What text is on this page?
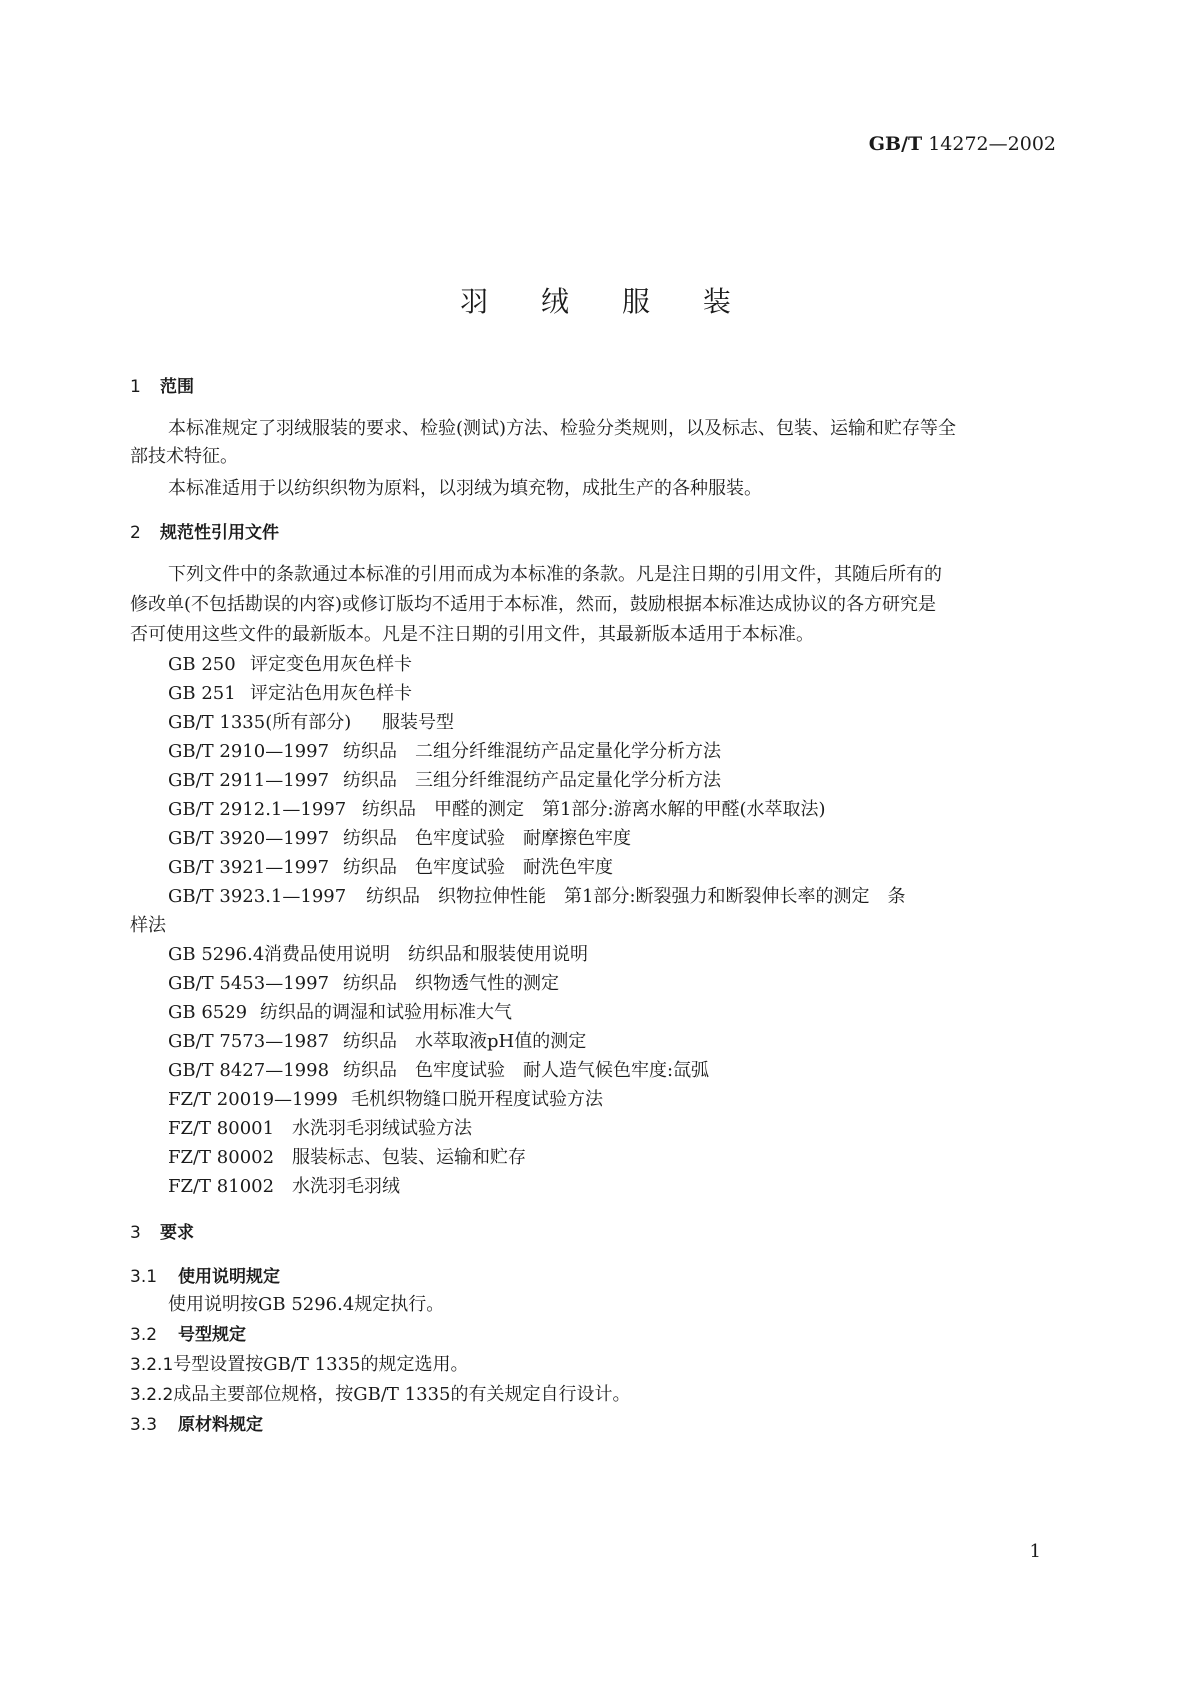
GB/T 14272—2002
羽 绒 服 装
1 范围
本标准规定了羽绒服装的要求、检验(测试)方法、检验分类规则，以及标志、包装、运输和贮存等全
部技术特征。
本标准适用于以纺织织物为原料，以羽绒为填充物，成批生产的各种服装。
2 规范性引用文件
下列文件中的条款通过本标准的引用而成为本标准的条款。凡是注日期的引用文件，其随后所有的
修改单(不包括勘误的内容)或修订版均不适用于本标准，然而，鼓励根据本标准达成协议的各方研究是
否可使用这些文件的最新版本。凡是不注日期的引用文件，其最新版本适用于本标准。
GB 250 评定变色用灰色样卡
GB 251 评定沾色用灰色样卡
GB/T 1335(所有部分) 服装号型
GB/T 2910—1997 纺织品　二组分纤维混纺产品定量化学分析方法
GB/T 2911—1997 纺织品　三组分纤维混纺产品定量化学分析方法
GB/T 2912.1—1997 纺织品　甲醛的测定　第1部分:游离水解的甲醛(水萃取法)
GB/T 3920—1997 纺织品　色牢度试验　耐摩擦色牢度
GB/T 3921—1997 纺织品　色牢度试验　耐洗色牢度
GB/T 3923.1—1997 纺织品　织物拉伸性能　第1部分:断裂强力和断裂伸长率的测定　条
样法
GB 5296.4消费品使用说明　纺织品和服装使用说明
GB/T 5453—1997 纺织品　织物透气性的测定
GB 6529 纺织品的调湿和试验用标准大气
GB/T 7573—1987 纺织品　水萃取液pH值的测定
GB/T 8427—1998 纺织品　色牢度试验　耐人造气候色牢度:氙弧
FZ/T 20019—1999 毛机织物缝口脱开程度试验方法
FZ/T 80001 水洗羽毛羽绒试验方法
FZ/T 80002 服装标志、包装、运输和贮存
FZ/T 81002 水洗羽毛羽绒
3 要求
3.1 使用说明规定
使用说明按GB 5296.4规定执行。
3.2 号型规定
3.2.1号型设置按GB/T 1335的规定选用。
3.2.2成品主要部位规格，按GB/T 1335的有关规定自行设计。
3.3 原材料规定
1
